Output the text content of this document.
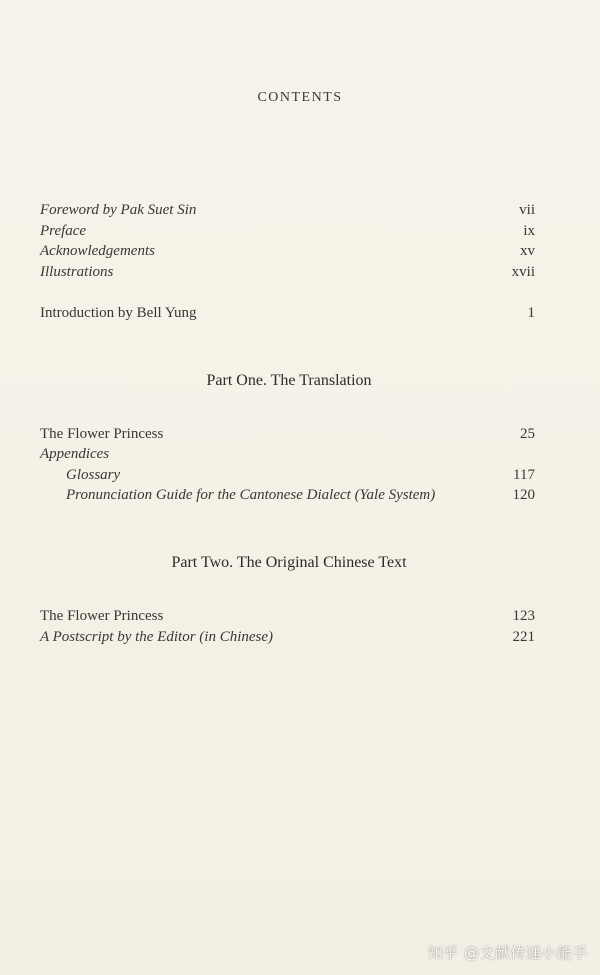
CONTENTS
Foreword by Pak Suet Sin	vii
Preface	ix
Acknowledgements	xv
Illustrations	xvii
Introduction by Bell Yung	1
Part One. The Translation
The Flower Princess	25
Appendices
Glossary	117
Pronunciation Guide for the Cantonese Dialect (Yale System)	120
Part Two. The Original Chinese Text
The Flower Princess	123
A Postscript by the Editor (in Chinese)	221
知乎 @文献传递小能手
